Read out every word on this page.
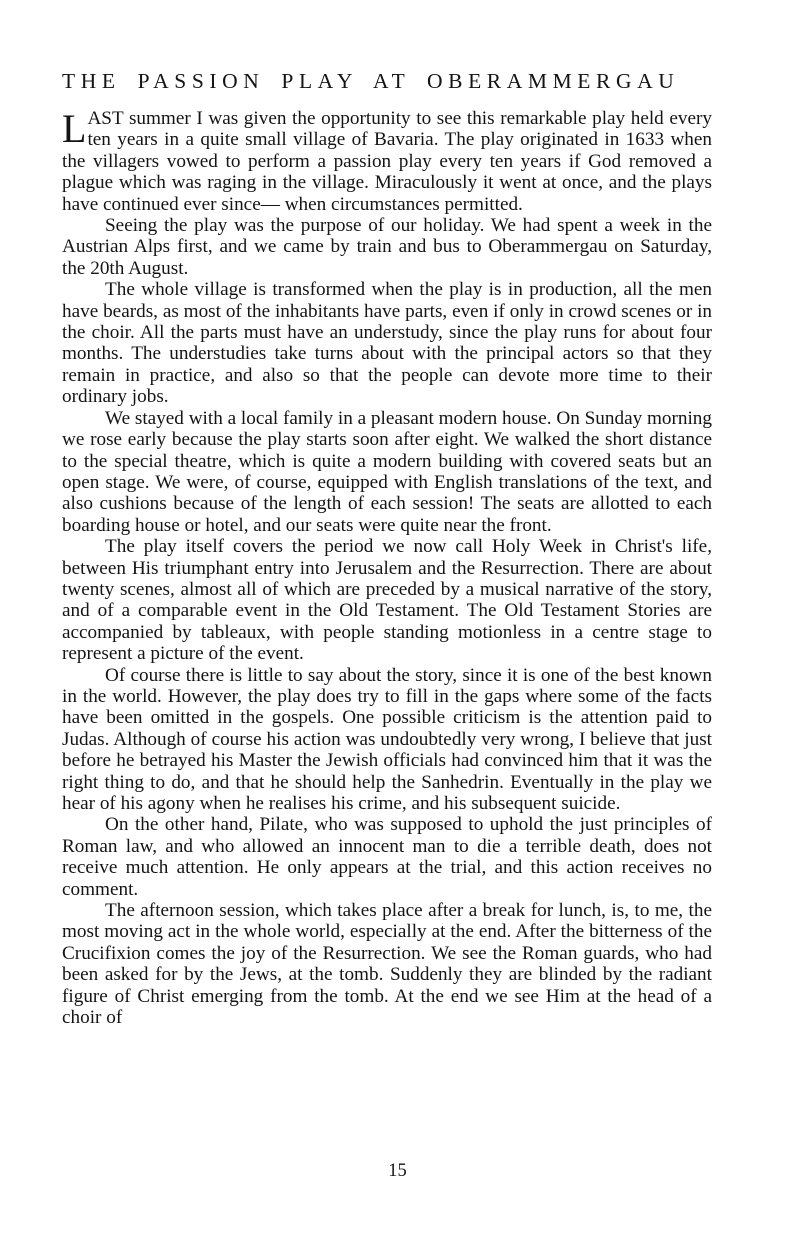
THE PASSION PLAY AT OBERAMMERGAU

LAST summer I was given the opportunity to see this remarkable play held every ten years in a quite small village of Bavaria. The play originated in 1633 when the villagers vowed to perform a passion play every ten years if God removed a plague which was raging in the village. Miraculously it went at once, and the plays have continued ever since— when circumstances permitted.

Seeing the play was the purpose of our holiday. We had spent a week in the Austrian Alps first, and we came by train and bus to Oberammergau on Saturday, the 20th August.

The whole village is transformed when the play is in production, all the men have beards, as most of the inhabitants have parts, even if only in crowd scenes or in the choir. All the parts must have an understudy, since the play runs for about four months. The understudies take turns about with the principal actors so that they remain in practice, and also so that the people can devote more time to their ordinary jobs.

We stayed with a local family in a pleasant modern house. On Sunday morning we rose early because the play starts soon after eight. We walked the short distance to the special theatre, which is quite a modern building with covered seats but an open stage. We were, of course, equipped with English translations of the text, and also cushions because of the length of each session! The seats are allotted to each boarding house or hotel, and our seats were quite near the front.

The play itself covers the period we now call Holy Week in Christ's life, between His triumphant entry into Jerusalem and the Resurrection. There are about twenty scenes, almost all of which are preceded by a musical narrative of the story, and of a comparable event in the Old Testament. The Old Testament Stories are accompanied by tableaux, with people standing motionless in a centre stage to represent a picture of the event.

Of course there is little to say about the story, since it is one of the best known in the world. However, the play does try to fill in the gaps where some of the facts have been omitted in the gospels. One possible criticism is the attention paid to Judas. Although of course his action was undoubtedly very wrong, I believe that just before he betrayed his Master the Jewish officials had convinced him that it was the right thing to do, and that he should help the Sanhedrin. Eventually in the play we hear of his agony when he realises his crime, and his subsequent suicide.

On the other hand, Pilate, who was supposed to uphold the just principles of Roman law, and who allowed an innocent man to die a terrible death, does not receive much attention. He only appears at the trial, and this action receives no comment.

The afternoon session, which takes place after a break for lunch, is, to me, the most moving act in the whole world, especially at the end. After the bitterness of the Crucifixion comes the joy of the Resurrection. We see the Roman guards, who had been asked for by the Jews, at the tomb. Suddenly they are blinded by the radiant figure of Christ emerging from the tomb. At the end we see Him at the head of a choir of

15
